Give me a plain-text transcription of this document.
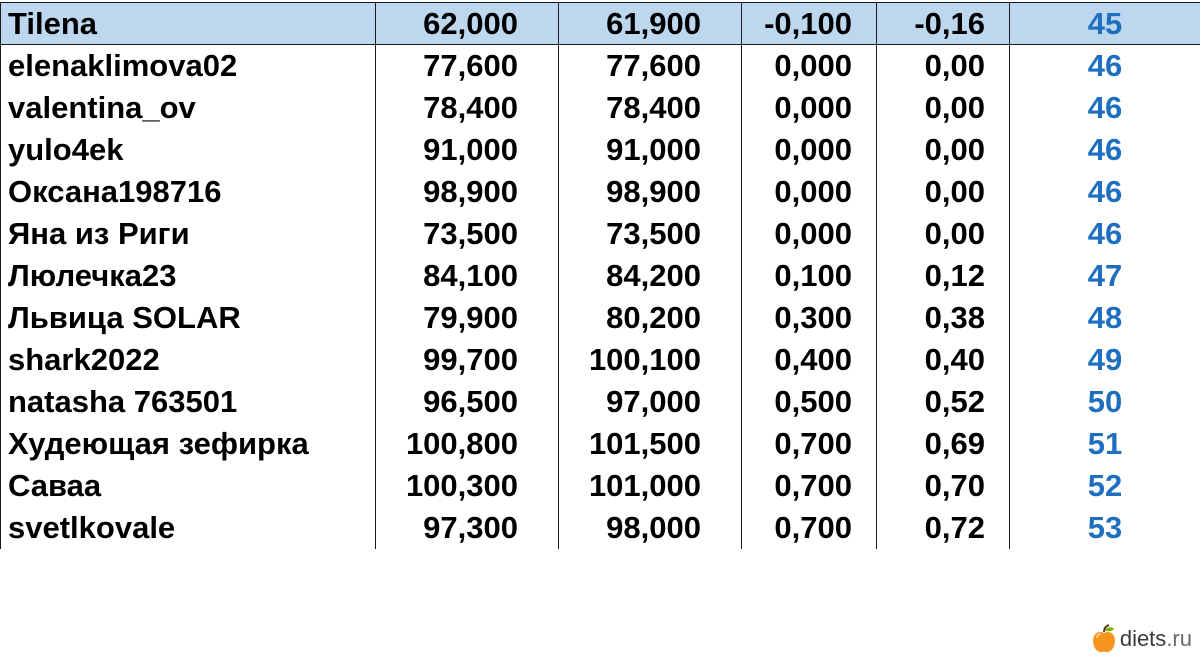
Tilena	62,000	61,900	-0,100	-0,16	45
elenaklimova02	77,600	77,600	0,000	0,00	46
valentina_ov	78,400	78,400	0,000	0,00	46
yulo4ek	91,000	91,000	0,000	0,00	46
Оксана198716	98,900	98,900	0,000	0,00	46
Яна из Риги	73,500	73,500	0,000	0,00	46
Люлечка23	84,100	84,200	0,100	0,12	47
Львица SOLAR	79,900	80,200	0,300	0,38	48
shark2022	99,700	100,100	0,400	0,40	49
natasha 763501	96,500	97,000	0,500	0,52	50
Худеющая зефирка	100,800	101,500	0,700	0,69	51
Саваа	100,300	101,000	0,700	0,70	52
svetlkovale	97,300	98,000	0,700	0,72	53
diets.ru
